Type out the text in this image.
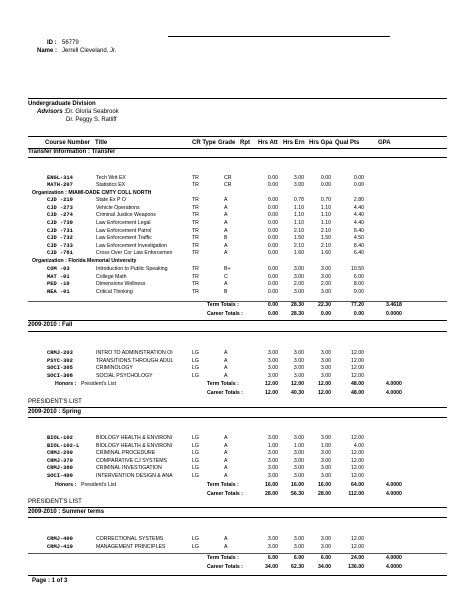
ID : 56779
Name : Jerrell Cleveland, Jr.
Undergraduate Division
Advisors : Dr. Gloria Seabrook
Dr. Peggy S. Ratliff
Course Number Title	CR Type Grade Rpt Hrs Att Hrs Ern Hrs Gpa Qual Pts	GPA
Transfer Information : Transfer
ENGL-314	Tech Writ EX	TR	CR	0.00	3.00	0.00	0.00
MATH-207	Statistics EX	TR	CR	0.00	3.00	0.00	0.00
Organization : MIAMI-DADE CMTY COLL NORTH
CJD -210	State Ex P O	TR	A	0.00	0.70	0.70	2.80
CJD -273	Vehicle Operations	TR	A	0.00	1.10	1.10	4.40
CJD -274	Criminal Justice Weapons	TR	A	0.00	1.10	1.10	4.40
CJD -730	Law Enforcement Legal	TR	A	0.00	1.10	1.10	4.40
CJD -731	Law Enforcement Patrol	TR	A	0.00	2.10	2.10	8.40
CJD -732	Law Enforcement Traffic	TR	B	0.00	1.50	1.50	4.50
CJD -733	Law Enforcement Investigation	TR	A	0.00	2.10	2.10	8.40
CJD -781	Cross Over Cor Law Enforcemen	TR	A	0.00	1.60	1.60	6.40
Organization : Florida Memorial University
COM -03	Introduction to Public Speaking	TR	B+	0.00	3.00	3.00	10.50
MAT -01	College Math	TR	C	0.00	3.00	3.00	6.00
PED -10	Dimensions Wellness	TR	A	0.00	2.00	2.00	8.00
REA -01	Critical Thinking	TR	B	0.00	3.00	3.00	9.00
Term Totals :	0.00	28.30	22.30	77.20	3.4618
Career Totals :	0.00	28.30	0.00	0.00	0.0000
2009-2010 : Fall
CRMJ-203	INTRO TO ADMINISTRATION OI	LG	A	3.00	3.00	3.00	12.00
PSYC-302	TRANSITIONS THROUGH ADUL	LG	A	3.00	3.00	3.00	12.00
SOCI-305	CRIMINOLOGY	LG	A	3.00	3.00	3.00	12.00
SOCI-308	SOCIAL PSYCHOLOGY	LG	A	3.00	3.00	3.00	12.00
Honors : President's List	Term Totals :	12.00	12.00	12.00	48.00	4.0000
Career Totals :	12.00	40.30	12.00	48.00	4.0000
PRESIDENT'S LIST
2009-2010 : Spring
BIOL-102	BIOLOGY HEALTH & ENVIRONI	LG	A	3.00	3.00	3.00	12.00
BIOL-102-L	BIOLOGY HEALTH & ENVIRONI	LG	A	1.00	1.00	1.00	4.00
CRMJ-290	CRIMINAL PROCEDURE	LG	A	3.00	3.00	3.00	12.00
CRMJ-370	COMPARATIVE CJ SYSTEMS	LG	A	3.00	3.00	3.00	12.00
CRMJ-380	CRIMINAL INVESTIGATION	LG	A	3.00	3.00	3.00	12.00
SOCI-400	INTERVENTION DESIGN & ANA	LG	A	3.00	3.00	3.00	12.00
Honors : President's List	Term Totals :	16.00	16.00	16.00	64.00	4.0000
Career Totals :	28.00	56.30	28.00	112.00	4.0000
PRESIDENT'S LIST
2009-2010 : Summer terms
CRMJ-400	CORRECTIONAL SYSTEMS	LG	A	3.00	3.00	3.00	12.00
CRMJ-410	MANAGEMENT PRINCIPLES	LG	A	3.00	3.00	3.00	12.00
Term Totals :	6.00	6.00	6.00	24.00	4.0000
Career Totals :	34.00	62.30	34.00	136.00	4.0000
Page : 1 of 3
